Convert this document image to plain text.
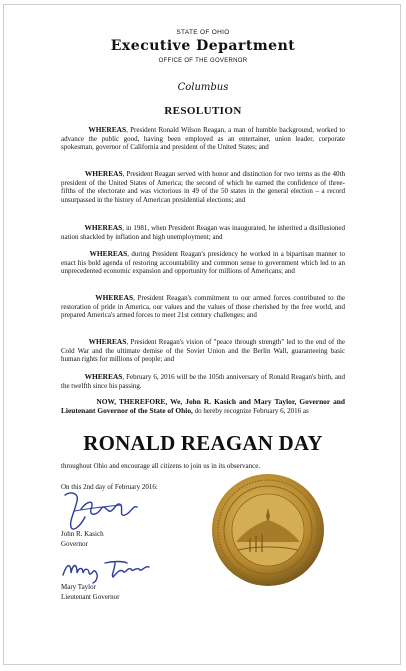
STATE OF OHIO
Executive Department
OFFICE OF THE GOVERNOR
Columbus
RESOLUTION
WHEREAS, President Ronald Wilson Reagan, a man of humble background, worked to advance the public good, having been employed as an entertainer, union leader, corporate spokesman, governor of California and president of the United States; and
WHEREAS, President Reagan served with honor and distinction for two terms as the 40th president of the United States of America; the second of which he earned the confidence of three-fifths of the electorate and was victorious in 49 of the 50 states in the general election – a record unsurpassed in the history of American presidential elections; and
WHEREAS, in 1981, when President Reagan was inaugurated, he inherited a disillusioned nation shackled by inflation and high unemployment; and
WHEREAS, during President Reagan's presidency he worked in a bipartisan manner to enact his bold agenda of restoring accountability and common sense to government which led to an unprecedented economic expansion and opportunity for millions of Americans; and
WHEREAS, President Reagan's commitment to our armed forces contributed to the restoration of pride in America, our values and the values of those cherished by the free world, and prepared America's armed forces to meet 21st century challenges; and
WHEREAS, President Reagan's vision of "peace through strength" led to the end of the Cold War and the ultimate demise of the Soviet Union and the Berlin Wall, guaranteeing basic human rights for millions of people; and
WHEREAS, February 6, 2016 will be the 105th anniversary of Ronald Reagan's birth, and the twelfth since his passing.
NOW, THEREFORE, We, John R. Kasich and Mary Taylor, Governor and Lieutenant Governor of the State of Ohio, do hereby recognize February 6, 2016 as
RONALD REAGAN DAY
throughout Ohio and encourage all citizens to join us in its observance.
On this 2nd day of February 2016:
John R. Kasich
Governor
Mary Taylor
Lieutenant Governor
